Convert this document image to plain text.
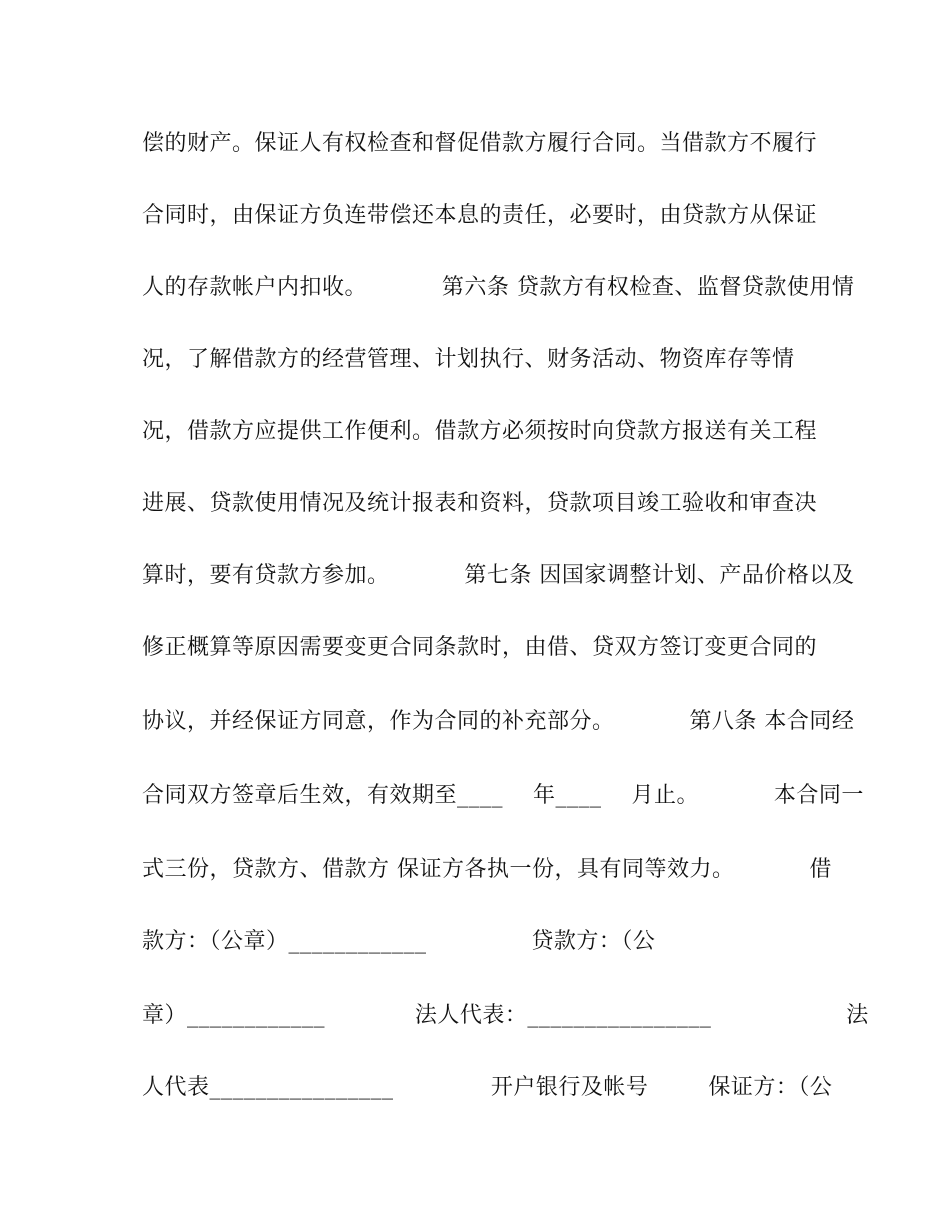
偿的财产。保证人有权检查和督促借款方履行合同。当借款方不履行
合同时，由保证方负连带偿还本息的责任，必要时，由贷款方从保证
人的存款帐户内扣收。          第六条 贷款方有权检查、监督贷款使用情
况，了解借款方的经营管理、计划执行、财务活动、物资库存等情
况，借款方应提供工作便利。借款方必须按时向贷款方报送有关工程
进展、贷款使用情况及统计报表和资料，贷款项目竣工验收和审查决
算时，要有贷款方参加。          第七条 因国家调整计划、产品价格以及
修正概算等原因需要变更合同条款时，由借、贷双方签订变更合同的
协议，并经保证方同意，作为合同的补充部分。          第八条 本合同经
合同双方签章后生效，有效期至____    年____    月止。          本合同一
式三份，贷款方、借款方 保证方各执一份，具有同等效力。          借
款方：（公章）____________              贷款方：（公
章）____________            法人代表：________________                  法
人代表________________             开户银行及帐号        保证方：（公
